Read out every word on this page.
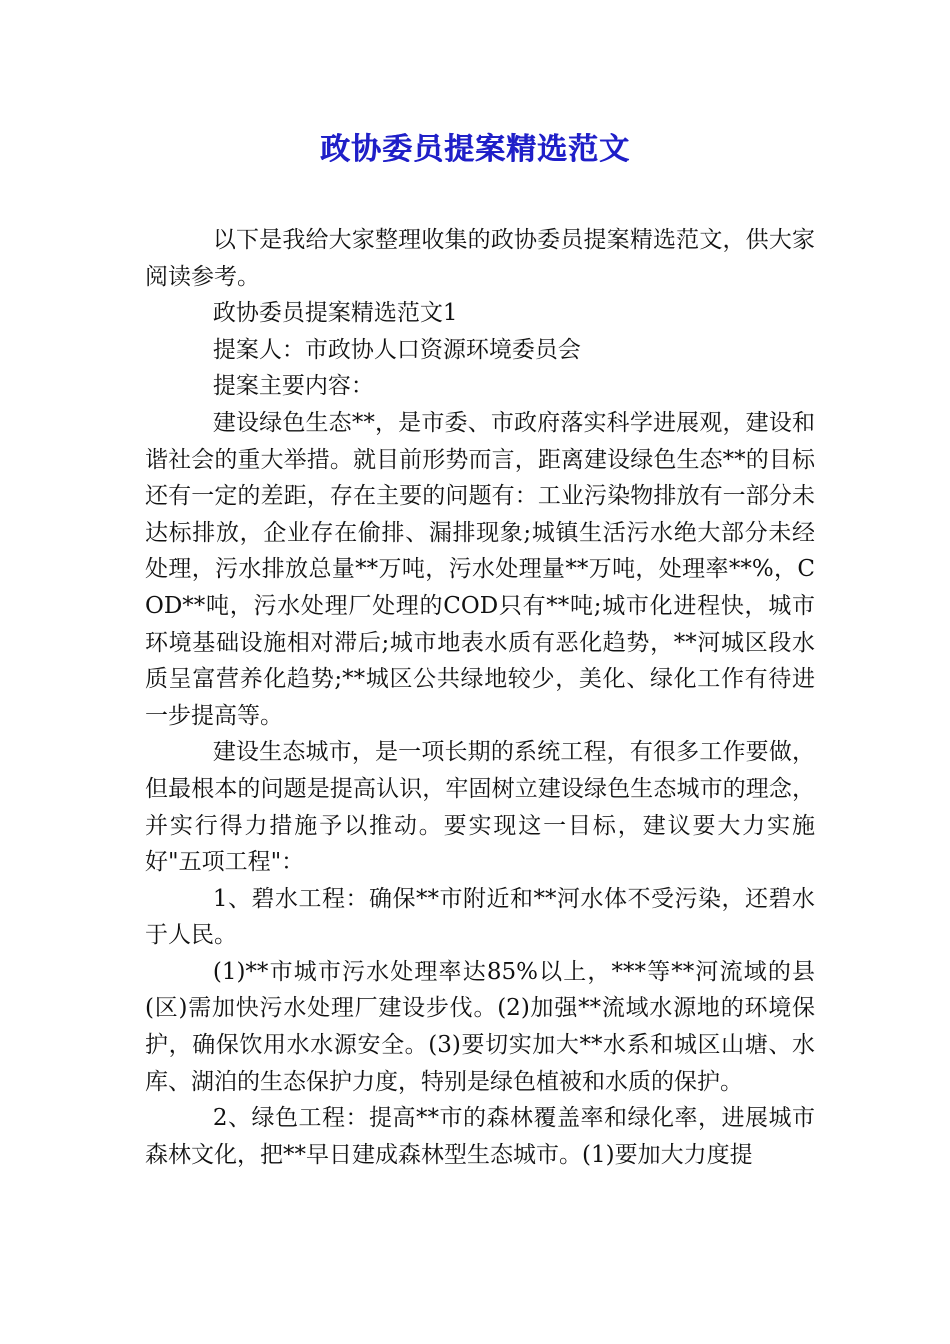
政协委员提案精选范文

以下是我给大家整理收集的政协委员提案精选范文，供大家阅读参考。

政协委员提案精选范文1

提案人：市政协人口资源环境委员会

提案主要内容：

建设绿色生态**，是市委、市政府落实科学进展观，建设和谐社会的重大举措。就目前形势而言，距离建设绿色生态**的目标还有一定的差距，存在主要的问题有：工业污染物排放有一部分未达标排放，企业存在偷排、漏排现象;城镇生活污水绝大部分未经处理，污水排放总量**万吨，污水处理量**万吨，处理率**%，COD**吨，污水处理厂处理的COD只有**吨;城市化进程快，城市环境基础设施相对滞后;城市地表水质有恶化趋势，**河城区段水质呈富营养化趋势;**城区公共绿地较少，美化、绿化工作有待进一步提高等。

建设生态城市，是一项长期的系统工程，有很多工作要做，但最根本的问题是提高认识，牢固树立建设绿色生态城市的理念，并实行得力措施予以推动。要实现这一目标，建议要大力实施好"五项工程"：

1、碧水工程：确保**市附近和**河水体不受污染，还碧水于人民。

(1)**市城市污水处理率达85%以上，***等**河流域的县(区)需加快污水处理厂建设步伐。(2)加强**流域水源地的环境保护，确保饮用水水源安全。(3)要切实加大**水系和城区山塘、水库、湖泊的生态保护力度，特别是绿色植被和水质的保护。

2、绿色工程：提高**市的森林覆盖率和绿化率，进展城市森林文化，把**早日建成森林型生态城市。(1)要加大力度提
